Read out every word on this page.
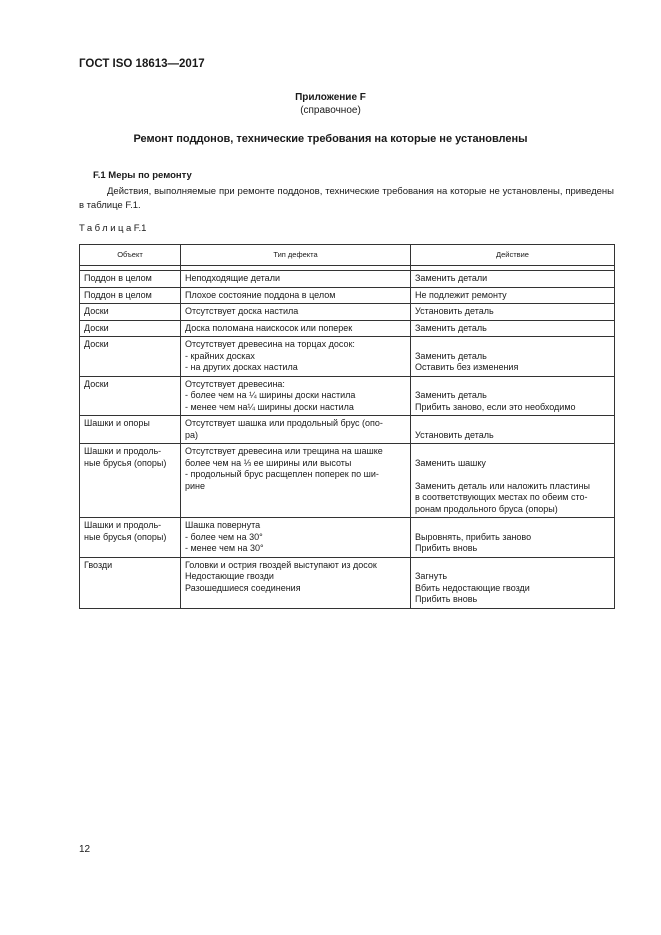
ГОСТ ISO 18613—2017
Приложение F
(справочное)
Ремонт поддонов, технические требования на которые не установлены
F.1 Меры по ремонту
Действия, выполняемые при ремонте поддонов, технические требования на которые не установлены, приведены в таблице F.1.
ТаблицаF.1
Объект	Тип дефекта	Действие

Поддон в целом	Неподходящие детали	Заменить детали

Поддон в целом	Плохое состояние поддона в целом	Не подлежит ремонту

Доски	Отсутствует доска настила	Установить деталь

Доски	Доска поломана наискосок или поперек	Заменить деталь

Доски	Отсутствует древесина на торцах досок:
- крайних досках
- на других досках настила	Заменить деталь
Оставить без изменения

Доски	Отсутствует древесина:
- более чем на ¼ ширины доски настила
- менее чем на¼ ширины доски настила	Заменить деталь
Прибить заново, если это необходимо

Шашки и опоры	Отсутствует шашка или продольный брус (опо-
ра)	Установить деталь

Шашки и продоль-
ные брусья (опоры)	Отсутствует древесина или трещина на шашке
более чем на ⅓ ее ширины или высоты
- продольный брус расщеплен поперек по ши-
рине	Заменить шашку
Заменить деталь или наложить пластины
в соответствующих местах по обеим сто-
ронам продольного бруса (опоры)

Шашки и продоль-
ные брусья (опоры)	Шашка повернута
- более чем на 30°
- менее чем на 30°	Выровнять, прибить заново
Прибить вновь

Гвозди	Головки и острия гвоздей выступают из досок
Недостающие гвозди
Разошедшиеся соединения	Загнуть
Вбить недостающие гвозди
Прибить вновь
12
